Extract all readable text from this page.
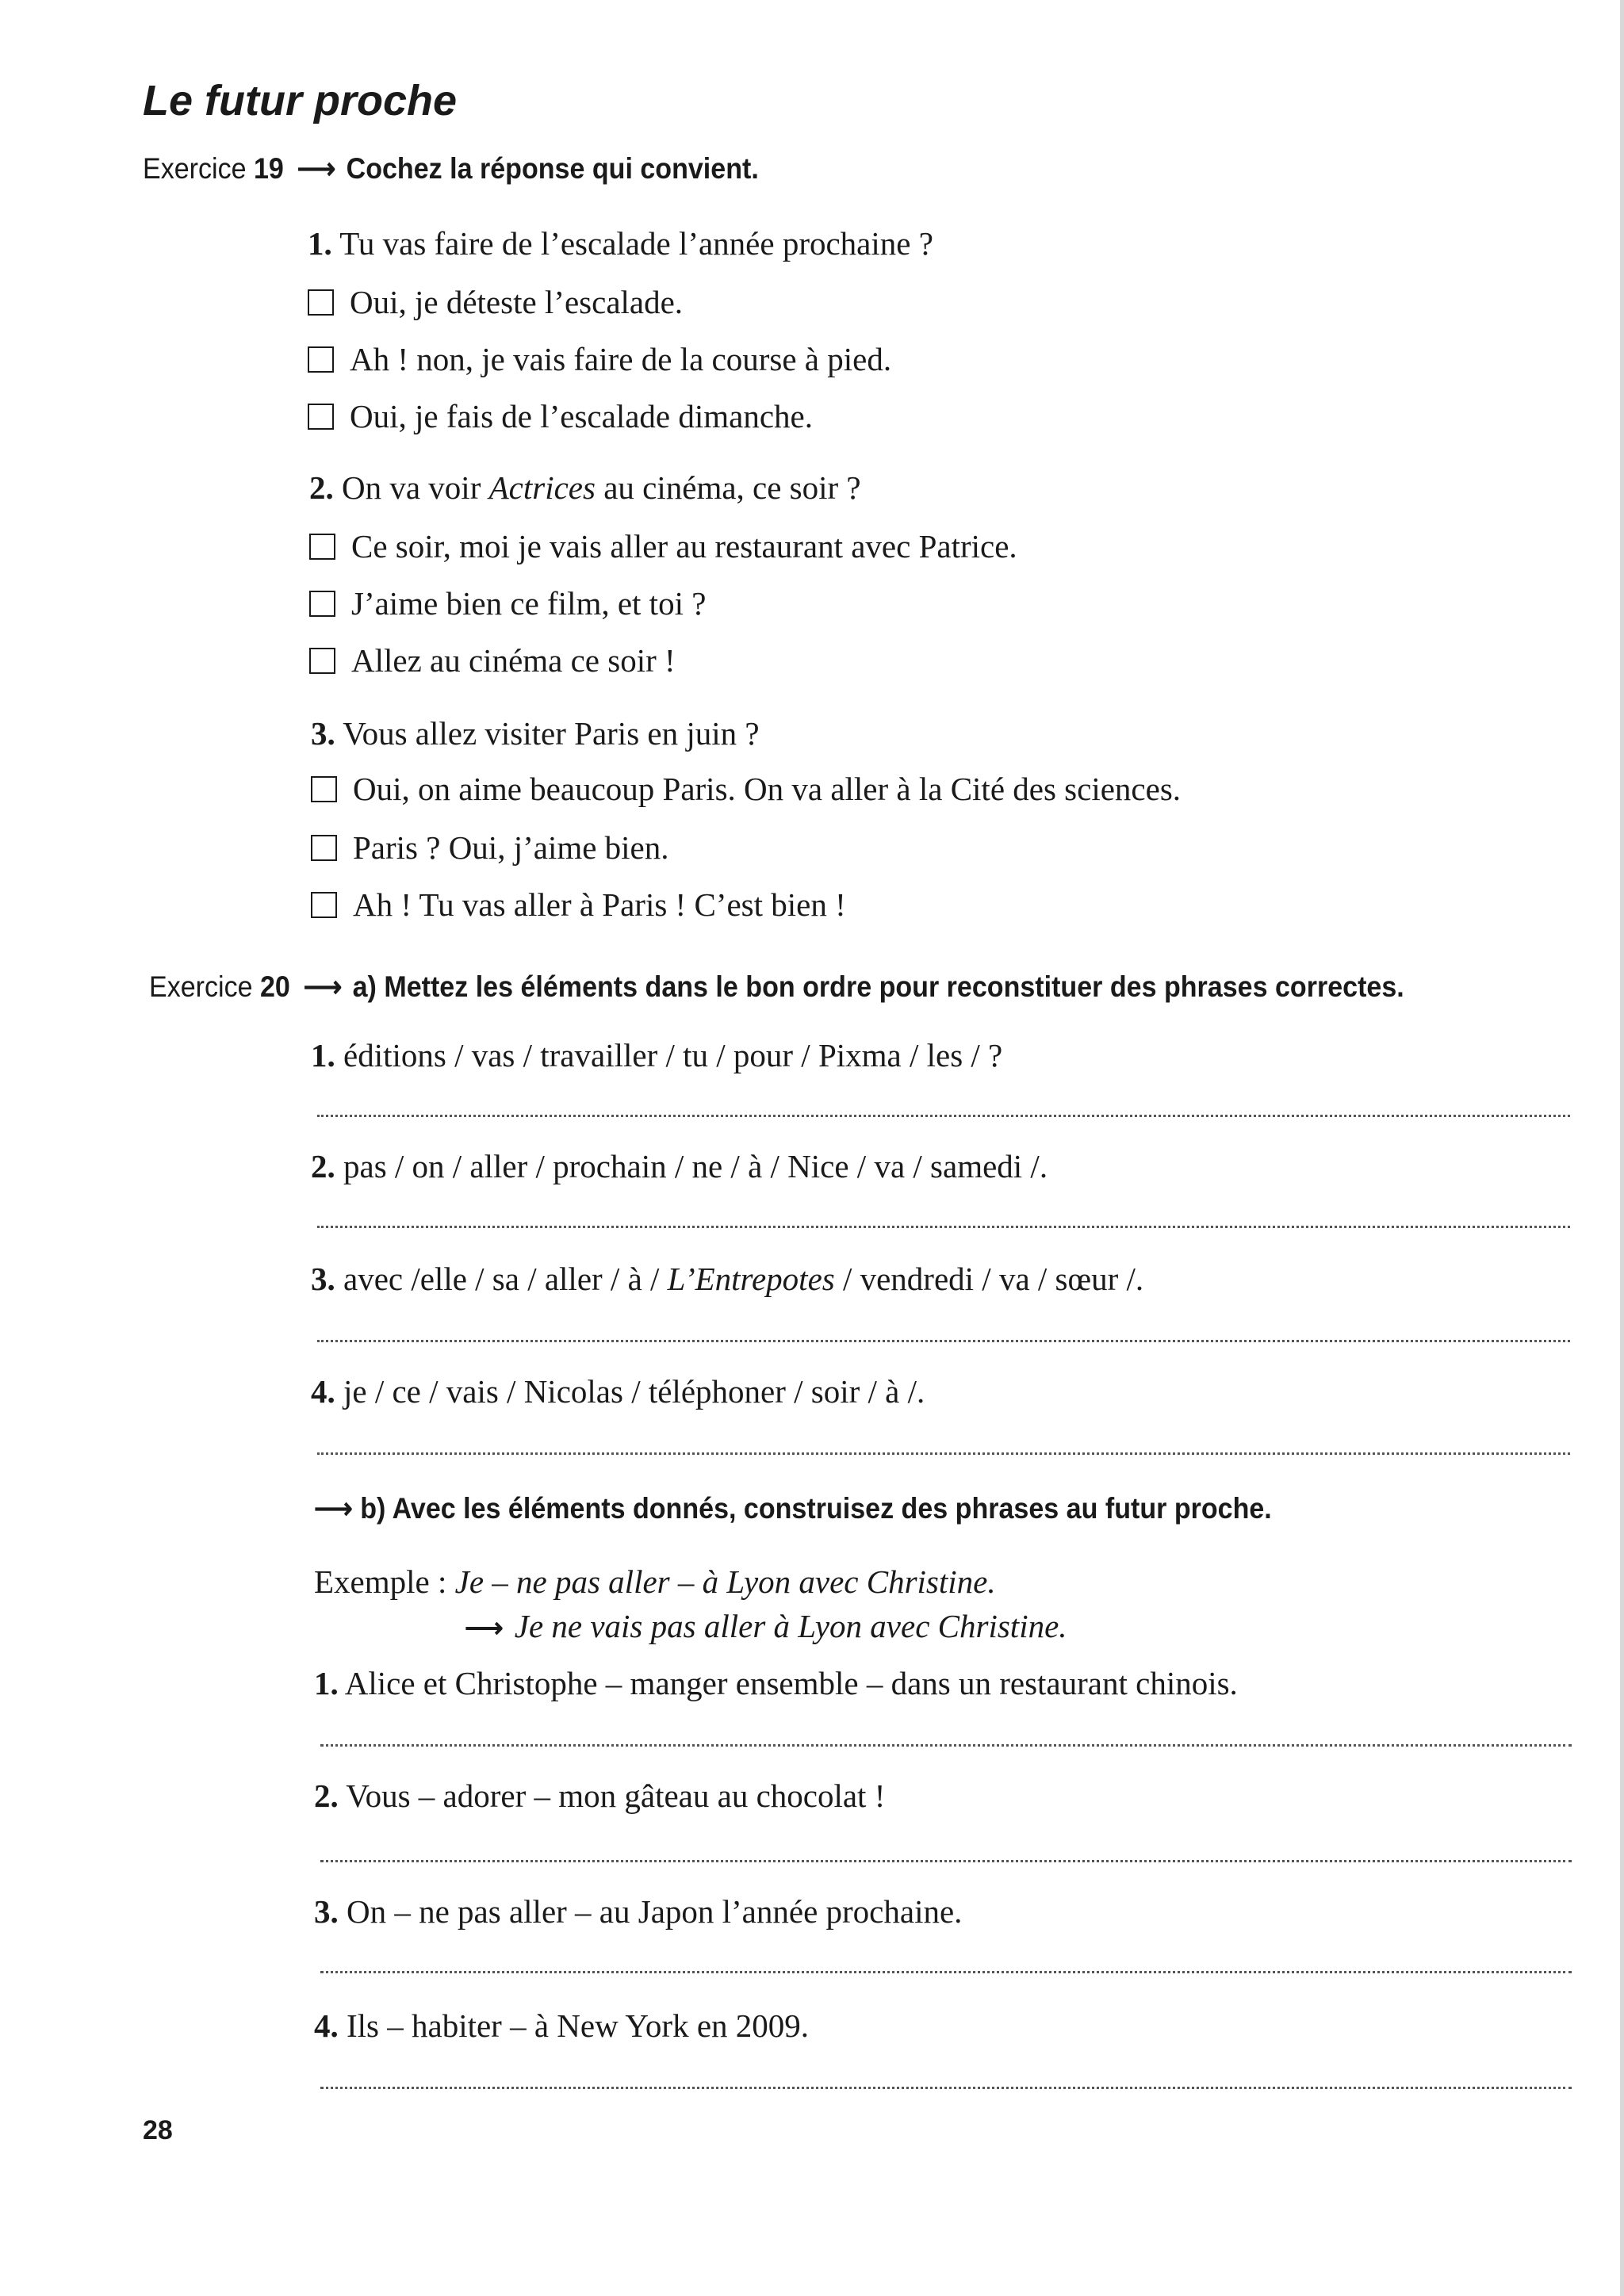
Le futur proche
Exercice 19 ⟶ Cochez la réponse qui convient.
1. Tu vas faire de l’escalade l’année prochaine ?
Oui, je déteste l’escalade.
Ah ! non, je vais faire de la course à pied.
Oui, je fais de l’escalade dimanche.
2. On va voir Actrices au cinéma, ce soir ?
Ce soir, moi je vais aller au restaurant avec Patrice.
J’aime bien ce film, et toi ?
Allez au cinéma ce soir !
3. Vous allez visiter Paris en juin ?
Oui, on aime beaucoup Paris. On va aller à la Cité des sciences.
Paris ? Oui, j’aime bien.
Ah ! Tu vas aller à Paris ! C’est bien !
Exercice 20 ⟶ a) Mettez les éléments dans le bon ordre pour reconstituer des phrases correctes.
1. éditions / vas / travailler / tu / pour / Pixma / les / ?
2. pas / on / aller / prochain / ne / à / Nice / va / samedi /.
3. avec /elle / sa / aller / à / L’Entrepotes / vendredi / va / sœur /.
4. je / ce / vais / Nicolas / téléphoner / soir / à /.
⟶ b) Avec les éléments donnés, construisez des phrases au futur proche.
Exemple : Je – ne pas aller – à Lyon avec Christine.
⟶ Je ne vais pas aller à Lyon avec Christine.
1. Alice et Christophe – manger ensemble – dans un restaurant chinois.
2. Vous – adorer – mon gâteau au chocolat !
3. On – ne pas aller – au Japon l’année prochaine.
4. Ils – habiter – à New York en 2009.
28
